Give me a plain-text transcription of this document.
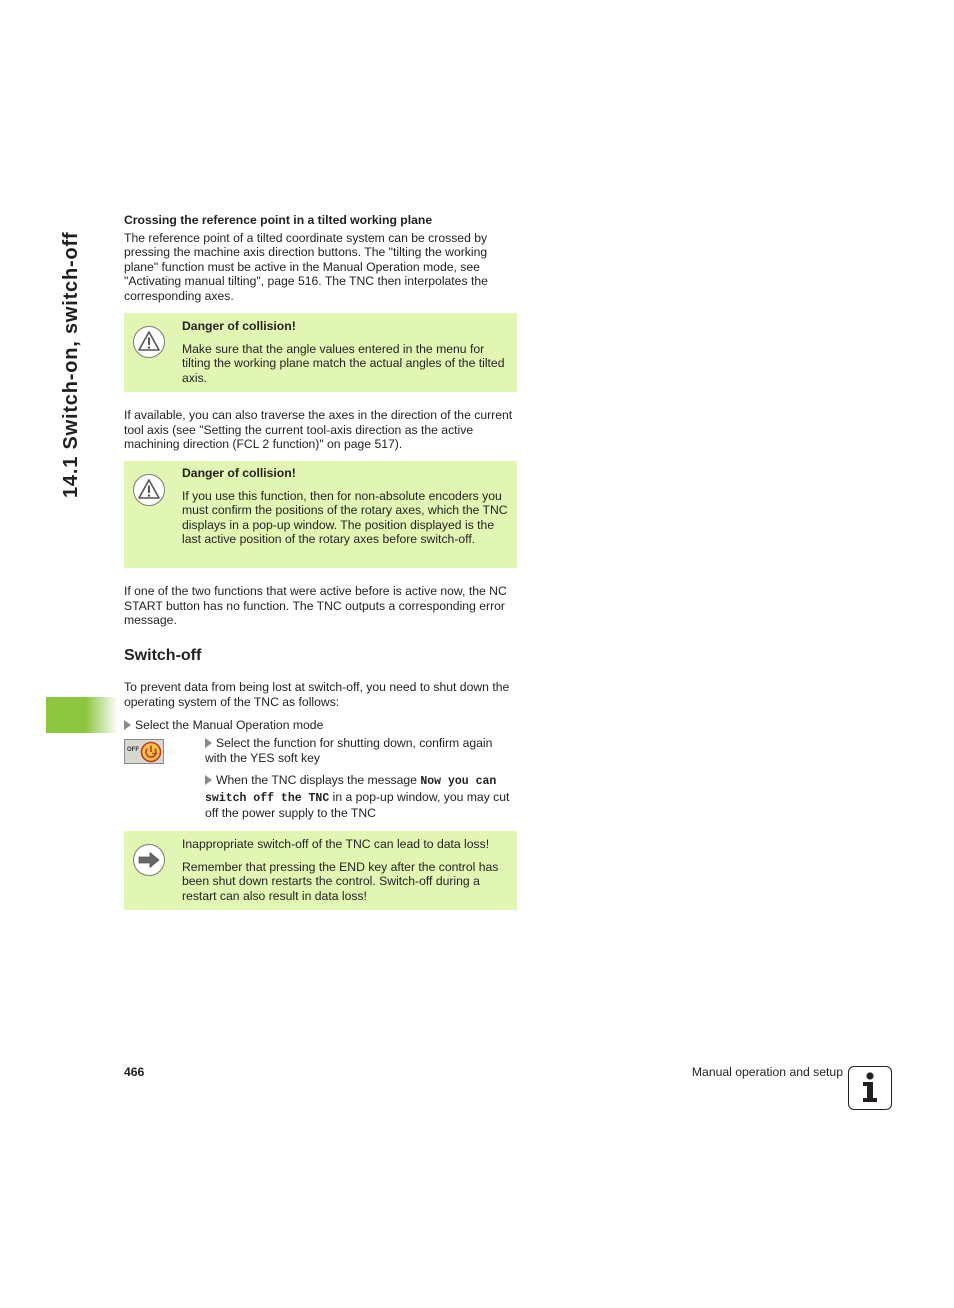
14.1 Switch-on, switch-off

Crossing the reference point in a tilted working plane

The reference point of a tilted coordinate system can be crossed by pressing the machine axis direction buttons. The "tilting the working plane" function must be active in the Manual Operation mode, see "Activating manual tilting", page 516. The TNC then interpolates the corresponding axes.

Danger of collision!

Make sure that the angle values entered in the menu for tilting the working plane match the actual angles of the tilted axis.

If available, you can also traverse the axes in the direction of the current tool axis (see "Setting the current tool-axis direction as the active machining direction (FCL 2 function)" on page 517).

Danger of collision!

If you use this function, then for non-absolute encoders you must confirm the positions of the rotary axes, which the TNC displays in a pop-up window. The position displayed is the last active position of the rotary axes before switch-off.

If one of the two functions that were active before is active now, the NC START button has no function. The TNC outputs a corresponding error message.

Switch-off

To prevent data from being lost at switch-off, you need to shut down the operating system of the TNC as follows:

Select the Manual Operation mode
OFF	Select the function for shutting down, confirm again with the YES soft key
When the TNC displays the message Now you can switch off the TNC in a pop-up window, you may cut off the power supply to the TNC

Inappropriate switch-off of the TNC can lead to data loss!

Remember that pressing the END key after the control has been shut down restarts the control. Switch-off during a restart can also result in data loss!

466	Manual operation and setup
